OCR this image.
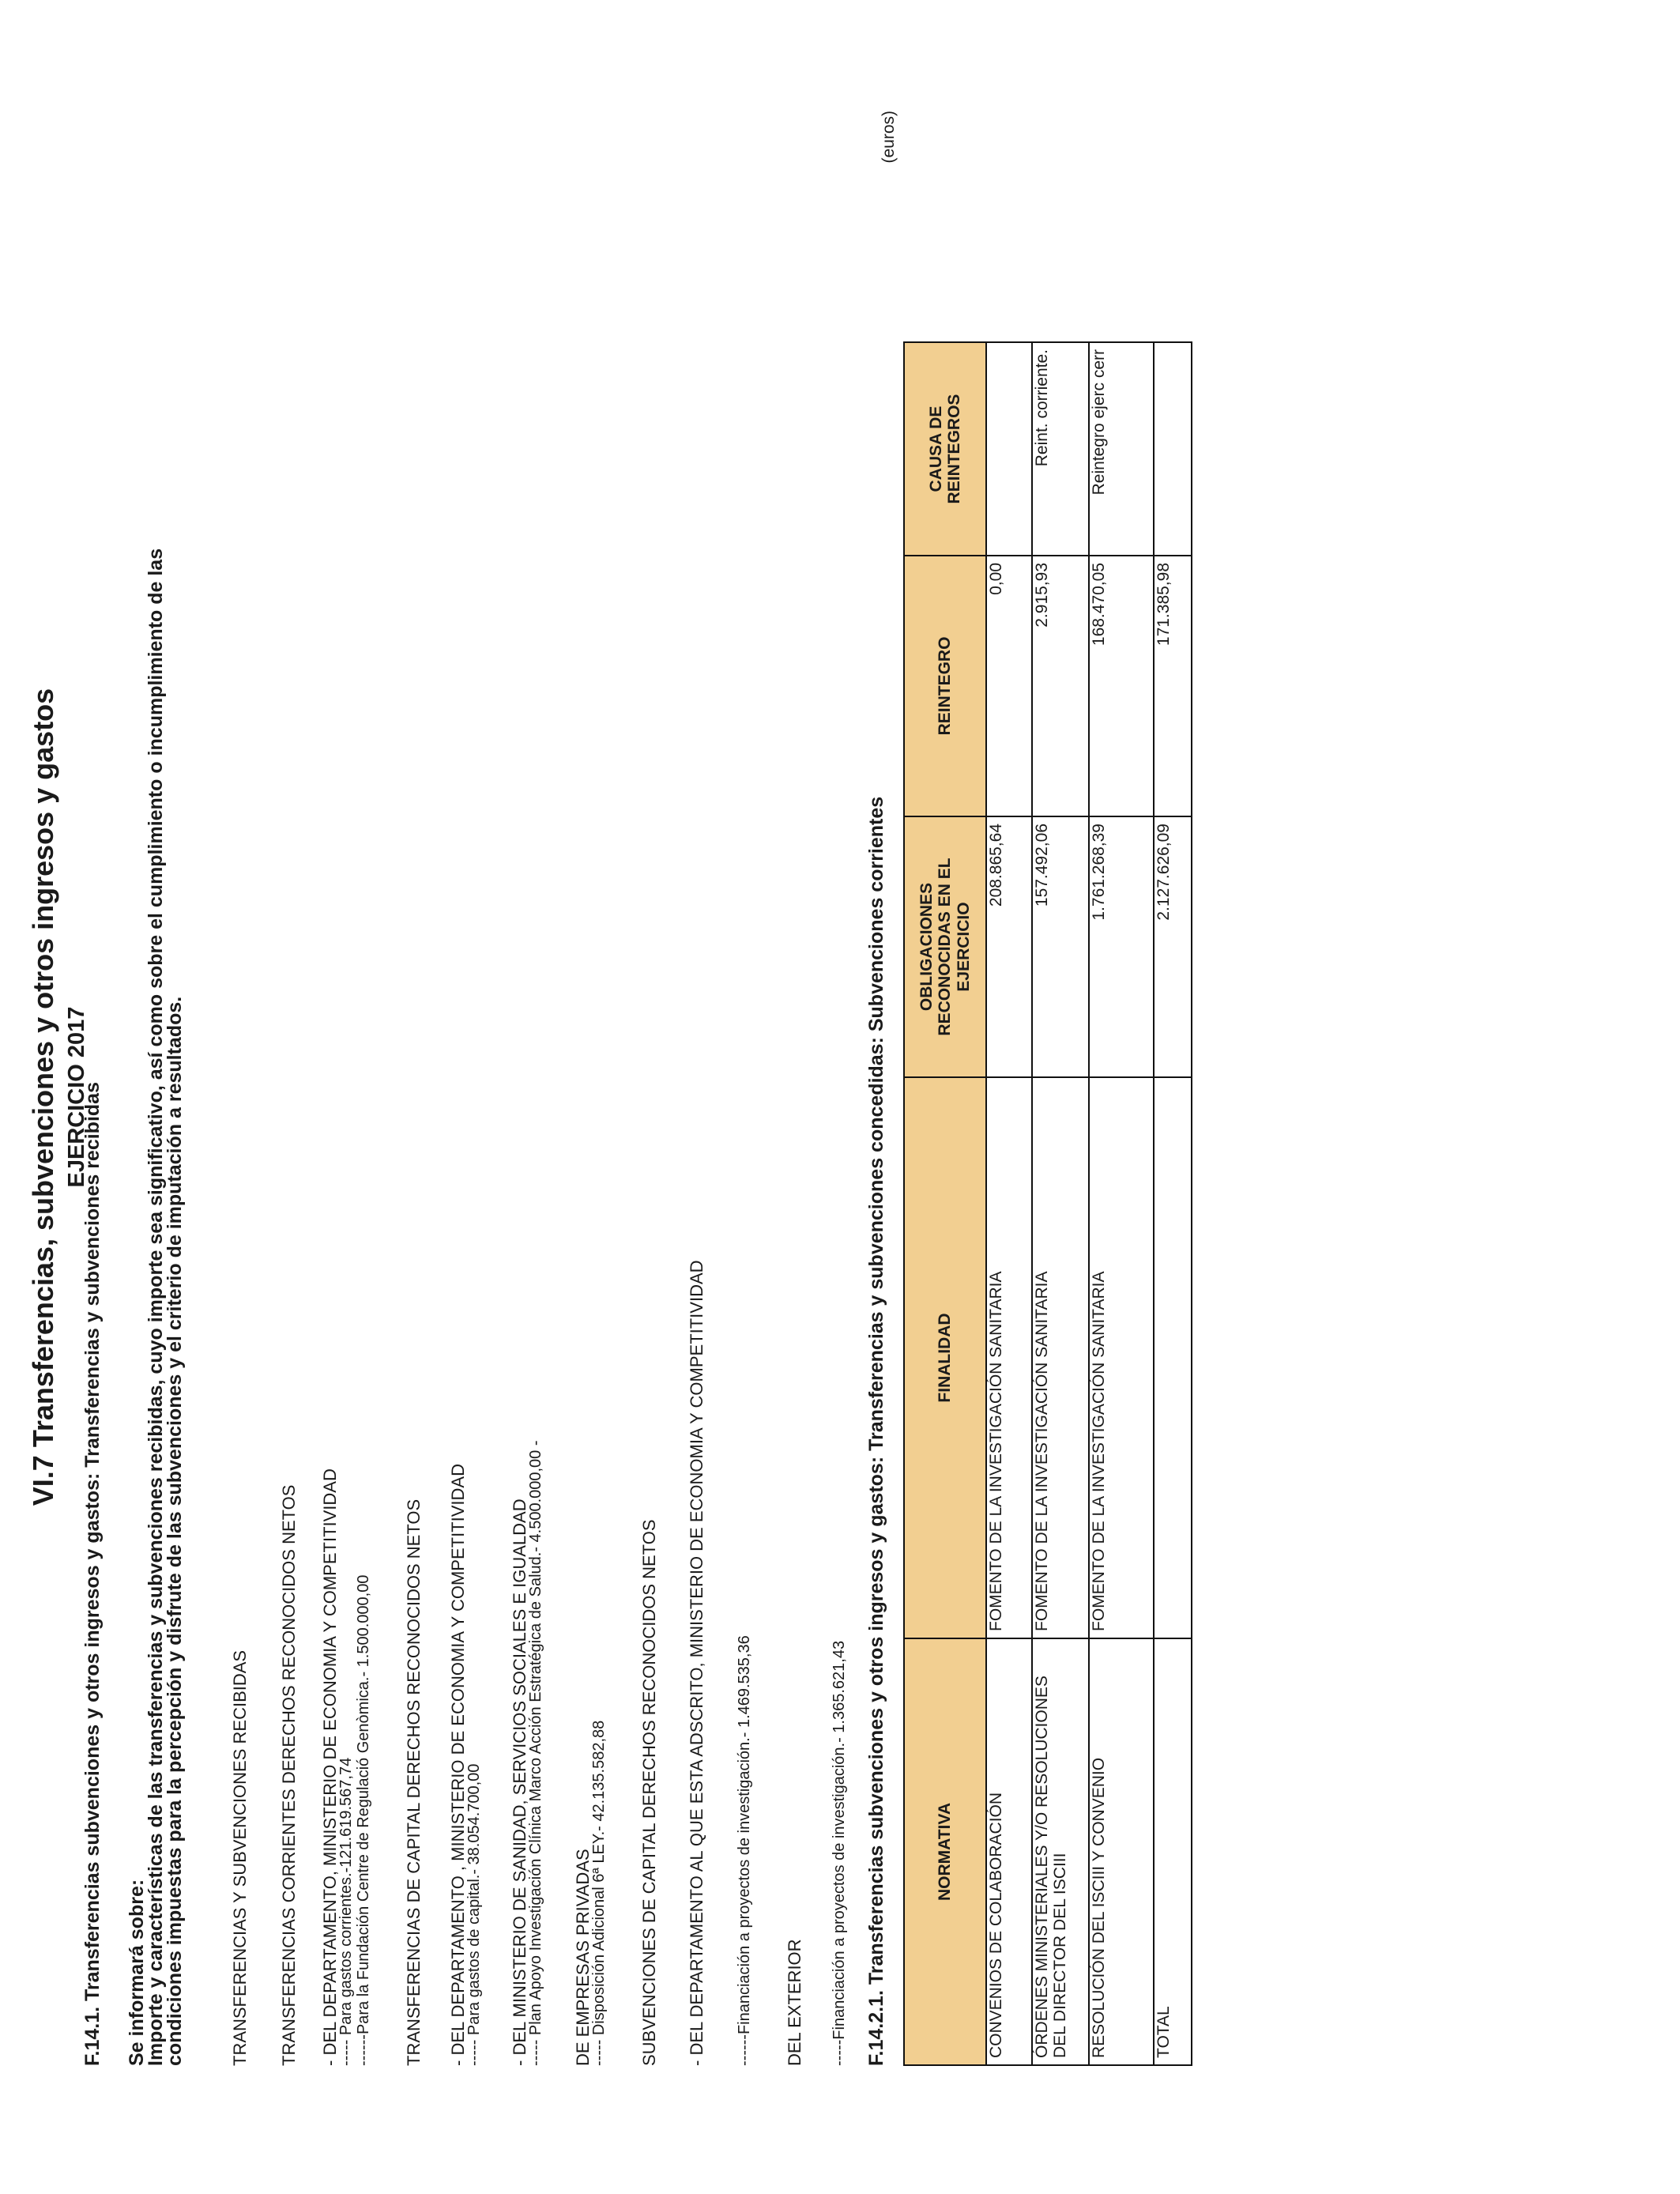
VI.7 Transferencias, subvenciones y otros ingresos y gastos EJERCICIO 2017
F.14.1. Transferencias subvenciones y otros ingresos y gastos: Transferencias y subvenciones recibidas Se informará sobre:
Importe y características de las transferencias y subvenciones recibidas, cuyo importe sea significativo, así como sobre el cumplimiento o incumplimiento de las
condiciones impuestas para la percepción y disfrute de las subvenciones y el criterio de imputación a resultados.	TRANSFERENCIAS Y SUBVENCIONES RECIBIDAS TRANSFERENCIAS CORRIENTES DERECHOS RECONOCIDOS NETOS - DEL DEPARTAMENTO, MINISTERIO DE ECONOMIA Y COMPETITIVIDAD
----- Para gastos corrientes.-121.619.567,74 ------Para la Fundación Centre de Regulació Genòmica.- 1.500.000,00 TRANSFERENCIAS DE CAPITAL DERECHOS RECONOCIDOS NETOS - DEL DEPARTAMENTO , MINISTERIO DE ECONOMIA Y COMPETITIVIDAD
----- Para gastos de capital.- 38.054.700,00 - DEL MINISTERIO DE SANIDAD, SERVICIOS SOCIALES E IGUALDAD
----- Plan Apoyo Investigación Clínica Marco Acción Estratégica de Salud.- 4.500.000,00 - DE EMPRESAS PRIVADAS
----- Disposición Adicional 6ª LEY.- 42.135.582,88 SUBVENCIONES DE CAPITAL DERECHOS RECONOCIDOS NETOS - DEL DEPARTAMENTO AL QUE ESTA ADSCRITO, MINISTERIO DE ECONOMIA Y COMPETITIVIDAD ------Financiación a proyectos de investigación.- 1.469.535,36 DEL EXTERIOR -----Financiación a proyectos de investigación.- 1.365.621,43 F.14.2.1. Transferencias subvenciones y otros ingresos y gastos: Transferencias y subvenciones concedidas: Subvenciones corrientes
(euros)
NORMATIVA	FINALIDAD	OBLIGACIONES RECONOCIDAS EN EL EJERCICIO	REINTEGRO	CAUSA DE REINTEGROS
CONVENIOS DE COLABORACIÓN	FOMENTO DE LA INVESTIGACIÓN SANITARIA	208.865,64	0,00	
ÓRDENES MINISTERIALES Y/O RESOLUCIONES DEL DIRECTOR DEL ISCIII	FOMENTO DE LA INVESTIGACIÓN SANITARIA	157.492,06	2.915,93	Reint. corriente.
RESOLUCIÓN DEL ISCIII Y CONVENIO	FOMENTO DE LA INVESTIGACIÓN SANITARIA	1.761.268,39	168.470,05	Reintegro ejerc cerr
TOTAL		2.127.626,09	171.385,98	
